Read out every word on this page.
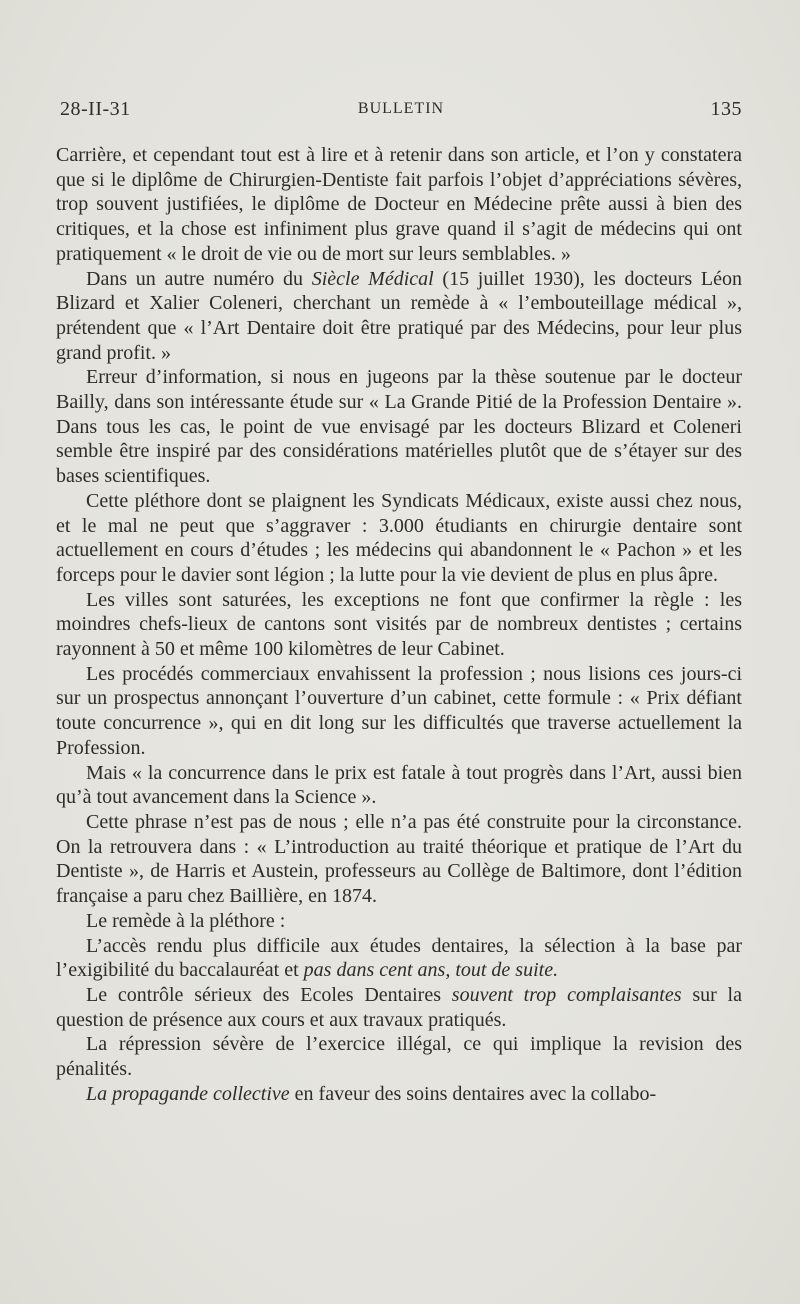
28-II-31	BULLETIN	135

Carrière, et cependant tout est à lire et à retenir dans son article, et l’on y constatera que si le diplôme de Chirurgien-Dentiste fait parfois l’objet d’appréciations sévères, trop souvent justifiées, le diplôme de Docteur en Médecine prête aussi à bien des critiques, et la chose est infiniment plus grave quand il s’agit de médecins qui ont pratiquement « le droit de vie ou de mort sur leurs semblables. »

Dans un autre numéro du Siècle Médical (15 juillet 1930), les docteurs Léon Blizard et Xalier Coleneri, cherchant un remède à « l’embouteillage médical », prétendent que « l’Art Dentaire doit être pratiqué par des Médecins, pour leur plus grand profit. »

Erreur d’information, si nous en jugeons par la thèse soutenue par le docteur Bailly, dans son intéressante étude sur « La Grande Pitié de la Profession Dentaire ». Dans tous les cas, le point de vue envisagé par les docteurs Blizard et Coleneri semble être inspiré par des considérations matérielles plutôt que de s’étayer sur des bases scientifiques.

Cette pléthore dont se plaignent les Syndicats Médicaux, existe aussi chez nous, et le mal ne peut que s’aggraver : 3.000 étudiants en chirurgie dentaire sont actuellement en cours d’études ; les médecins qui abandonnent le « Pachon » et les forceps pour le davier sont légion ; la lutte pour la vie devient de plus en plus âpre.

Les villes sont saturées, les exceptions ne font que confirmer la règle : les moindres chefs-lieux de cantons sont visités par de nombreux dentistes ; certains rayonnent à 50 et même 100 kilomètres de leur Cabinet.

Les procédés commerciaux envahissent la profession ; nous lisions ces jours-ci sur un prospectus annonçant l’ouverture d’un cabinet, cette formule : « Prix défiant toute concurrence », qui en dit long sur les difficultés que traverse actuellement la Profession.

Mais « la concurrence dans le prix est fatale à tout progrès dans l’Art, aussi bien qu’à tout avancement dans la Science ».

Cette phrase n’est pas de nous ; elle n’a pas été construite pour la circonstance. On la retrouvera dans : « L’introduction au traité théorique et pratique de l’Art du Dentiste », de Harris et Austein, professeurs au Collège de Baltimore, dont l’édition française a paru chez Baillière, en 1874.

Le remède à la pléthore :

L’accès rendu plus difficile aux études dentaires, la sélection à la base par l’exigibilité du baccalauréat et pas dans cent ans, tout de suite.

Le contrôle sérieux des Ecoles Dentaires souvent trop complaisantes sur la question de présence aux cours et aux travaux pratiqués.

La répression sévère de l’exercice illégal, ce qui implique la revision des pénalités.

La propagande collective en faveur des soins dentaires avec la collabo-
